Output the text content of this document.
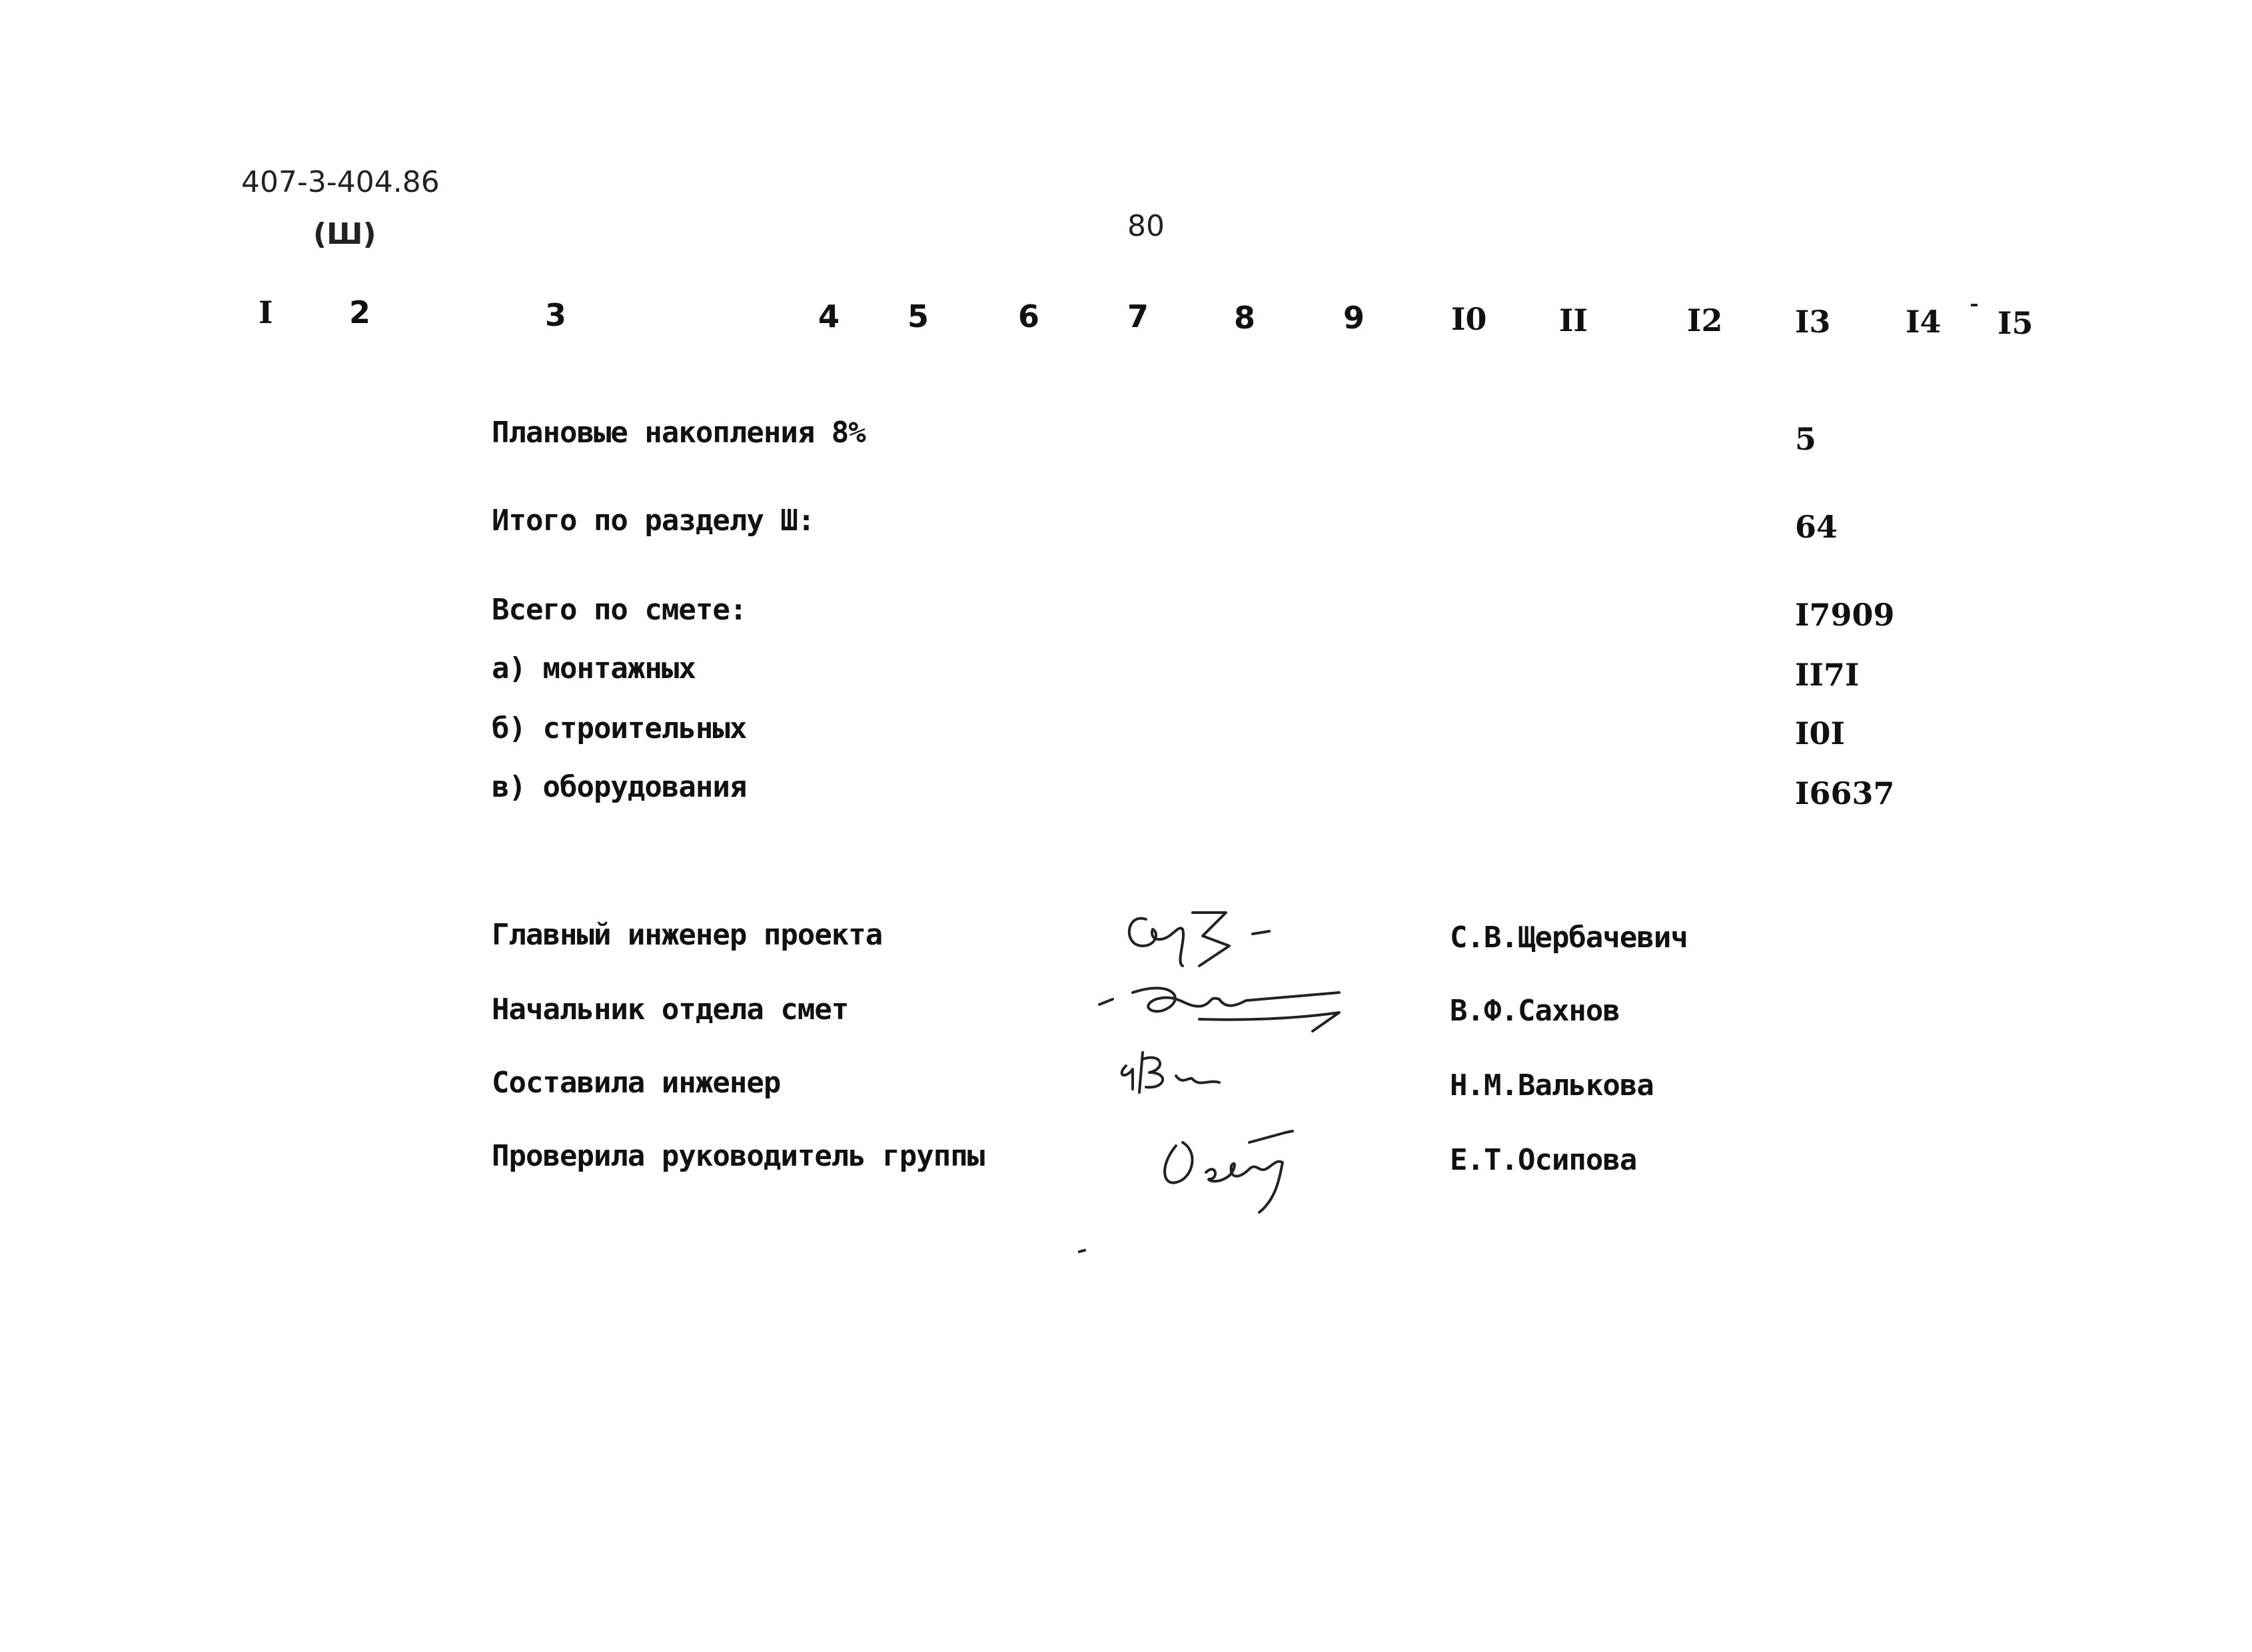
407-3-404.86
(Ш)	80
I 2	3	4 5	6	7	8	9	I0 II	I2 I3 I4 I5
Плановые накопления 8%	5
Итого по разделу Ш:	64
Всего по смете:	I7909
а) монтажных	II7I
б) строительных	I0I
в) оборудования	I6637
Главный инженер проекта	С.В.Щербачевич
Начальник отдела смет	В.Ф.Сахнов
Составила инженер	Н.М.Валькова
Проверила руководитель группы	Е.Т.Осипова
